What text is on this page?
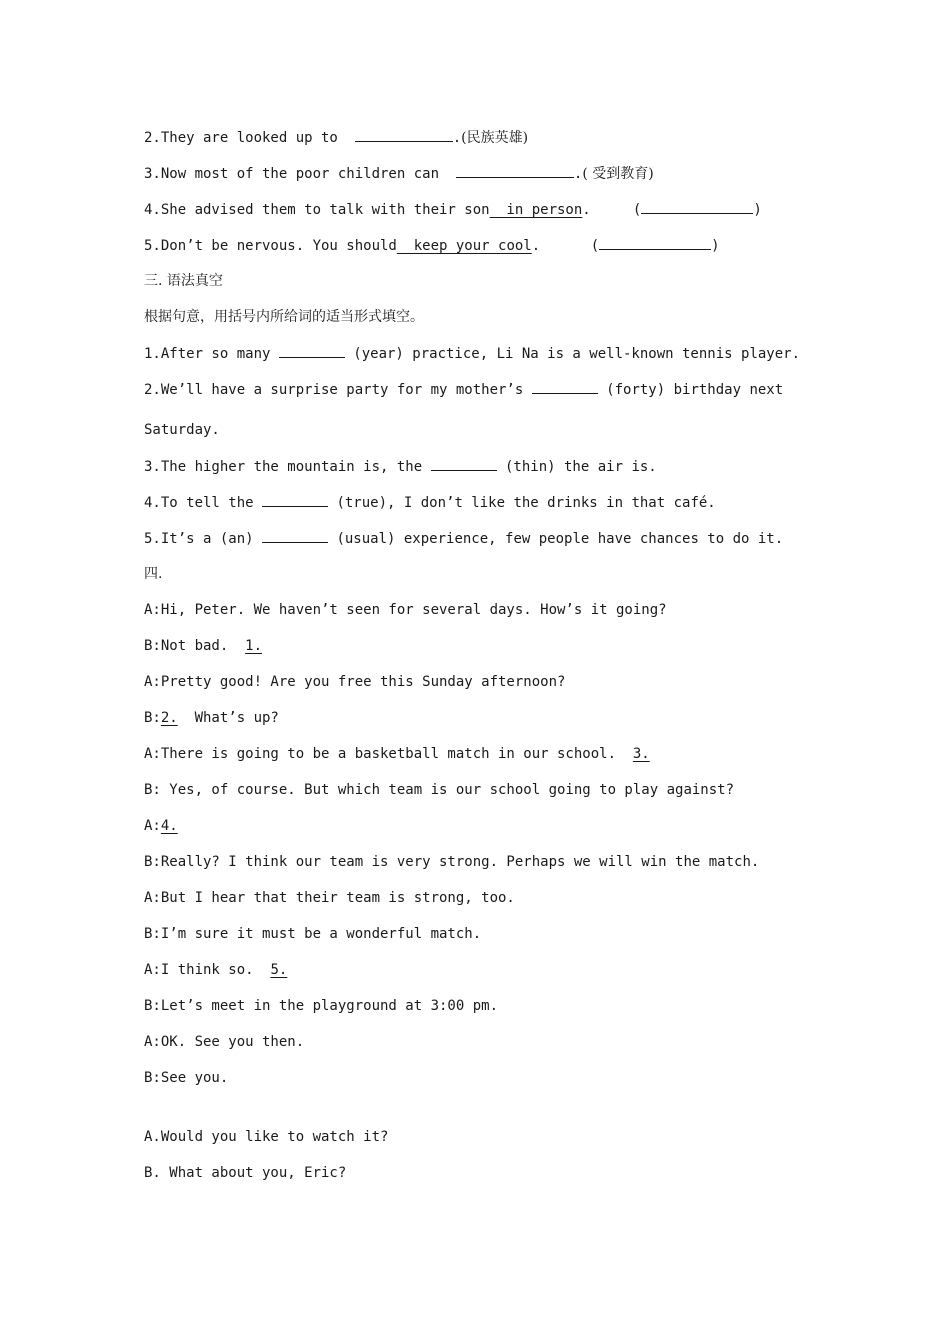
2.They are looked up to	.(民族英雄)
3.Now most of the poor children can	.( 受到教育)
4.She advised them to talk with their son  in person.     (	)
5.Don’t be nervous. You should  keep your cool.      (	)
三. 语法真空
根据句意，用括号内所给词的适当形式填空。
1.After so many	(year) practice, Li Na is a well-known tennis player.
2.We’ll have a surprise party for my mother’s	(forty) birthday next
Saturday.
3.The higher the mountain is, the	(thin) the air is.
4.To tell the	(true), I don’t like the drinks in that café.
5.It’s a (an)	(usual) experience, few people have chances to do it.
四.
A:Hi, Peter. We haven’t seen for several days. How’s it going?
B:Not bad.  1.
A:Pretty good! Are you free this Sunday afternoon?
B:2.  What’s up?
A:There is going to be a basketball match in our school.  3.
B: Yes, of course. But which team is our school going to play against?
A:4.
B:Really? I think our team is very strong. Perhaps we will win the match.
A:But I hear that their team is strong, too.
B:I’m sure it must be a wonderful match.
A:I think so.  5.
B:Let’s meet in the playground at 3:00 pm.
A:OK. See you then.
B:See you.
A.Would you like to watch it?
B. What about you, Eric?
